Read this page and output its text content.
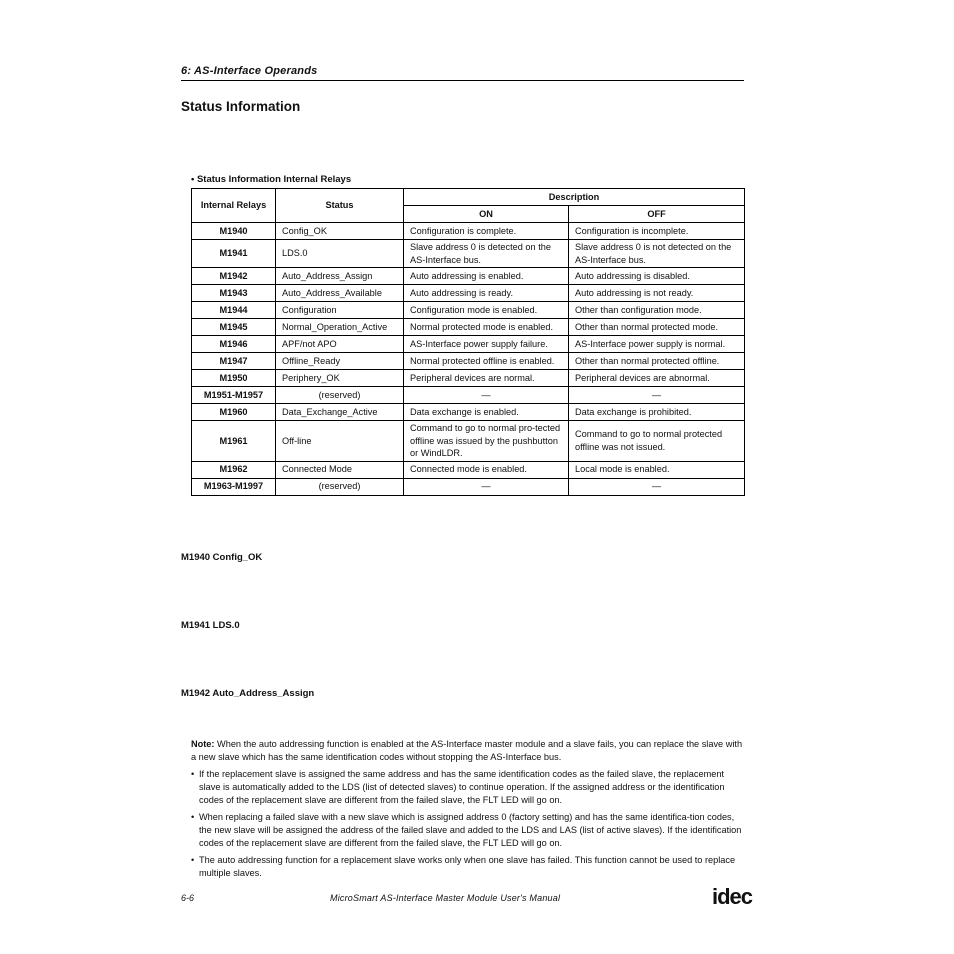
6: AS-Interface Operands
Status Information
• Status Information Internal Relays
Internal Relays	Status	Description	
		ON	OFF
M1940	Config_OK	Configuration is complete.	Configuration is incomplete.
M1941	LDS.0	Slave address 0 is detected on the AS-Interface bus.	Slave address 0 is not detected on the AS-Interface bus.
M1942	Auto_Address_Assign	Auto addressing is enabled.	Auto addressing is disabled.
M1943	Auto_Address_Available	Auto addressing is ready.	Auto addressing is not ready.
M1944	Configuration	Configuration mode is enabled.	Other than configuration mode.
M1945	Normal_Operation_Active	Normal protected mode is enabled.	Other than normal protected mode.
M1946	APF/not APO	AS-Interface power supply failure.	AS-Interface power supply is normal.
M1947	Offline_Ready	Normal protected offline is enabled.	Other than normal protected offline.
M1950	Periphery_OK	Peripheral devices are normal.	Peripheral devices are abnormal.
M1951-M1957	(reserved)	—	—
M1960	Data_Exchange_Active	Data exchange is enabled.	Data exchange is prohibited.
M1961	Off-line	Command to go to normal pro-tected offline was issued by the pushbutton or WindLDR.	Command to go to normal protected offline was not issued.
M1962	Connected Mode	Connected mode is enabled.	Local mode is enabled.
M1963-M1997	(reserved)	—	—
M1940 Config_OK
M1941 LDS.0
M1942 Auto_Address_Assign
Note: When the auto addressing function is enabled at the AS-Interface master module and a slave fails, you can replace the slave with a new slave which has the same identification codes without stopping the AS-Interface bus.
• If the replacement slave is assigned the same address and has the same identification codes as the failed slave, the replacement slave is automatically added to the LDS (list of detected slaves) to continue operation. If the assigned address or the identification codes of the replacement slave are different from the failed slave, the FLT LED will go on.
• When replacing a failed slave with a new slave which is assigned address 0 (factory setting) and has the same identifica-tion codes, the new slave will be assigned the address of the failed slave and added to the LDS and LAS (list of active slaves). If the identification codes of the replacement slave are different from the failed slave, the FLT LED will go on.
• The auto addressing function for a replacement slave works only when one slave has failed. This function cannot be used to replace multiple slaves.
6-6	MicroSmart AS-Interface Master Module User's Manual	idec
